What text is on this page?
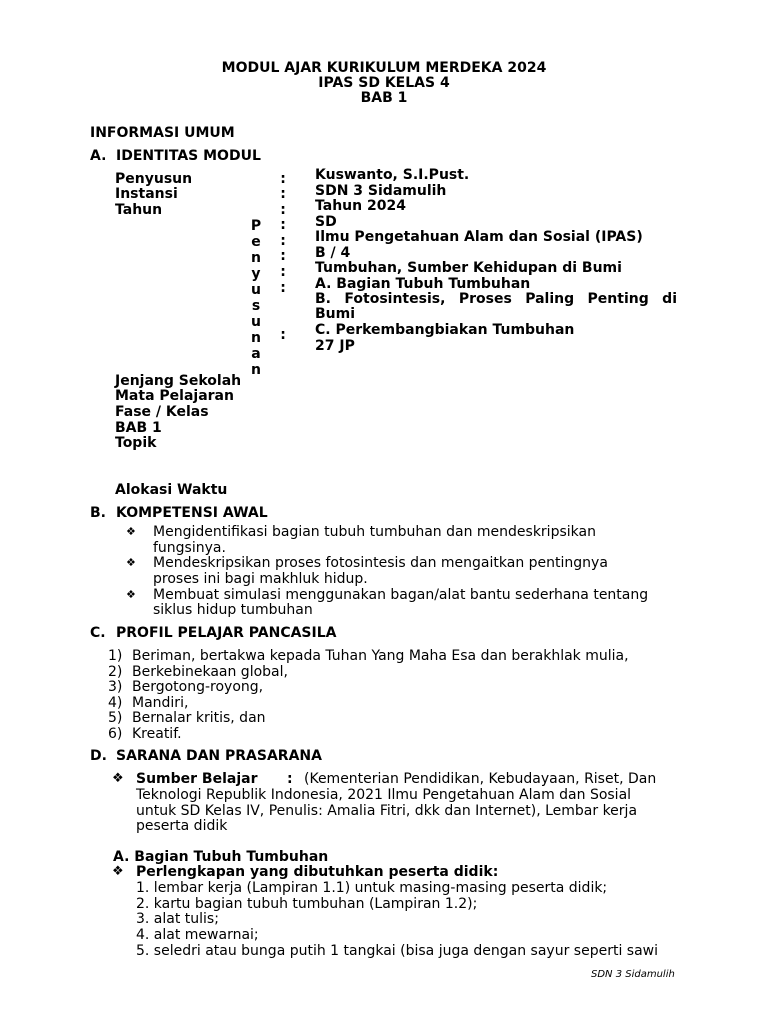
MODUL AJAR KURIKULUM MERDEKA 2024
IPAS SD KELAS 4
BAB 1
INFORMASI UMUM
A. IDENTITAS MODUL
Penyusun
Instansi
Tahun
P
e
n
y
u
s
u
n
a
n
:
:
:
:
:
:
:
:
:
Kuswanto, S.I.Pust.
SDN 3 Sidamulih
Tahun 2024
SD
Ilmu Pengetahuan Alam dan Sosial (IPAS)
B / 4
Tumbuhan, Sumber Kehidupan di Bumi
A. Bagian Tubuh Tumbuhan
B. Fotosintesis, Proses Paling Penting di
Bumi
C. Perkembangbiakan Tumbuhan
27 JP
Jenjang Sekolah
Mata Pelajaran
Fase / Kelas
BAB 1
Topik
Alokasi Waktu
B. KOMPETENSI AWAL
❖ Mengidentifikasi bagian tubuh tumbuhan dan mendeskripsikan
fungsinya.
❖ Mendeskripsikan proses fotosintesis dan mengaitkan pentingnya
proses ini bagi makhluk hidup.
❖ Membuat simulasi menggunakan bagan/alat bantu sederhana tentang
siklus hidup tumbuhan
C. PROFIL PELAJAR PANCASILA
1) Beriman, bertakwa kepada Tuhan Yang Maha Esa dan berakhlak mulia,
2) Berkebinekaan global,
3) Bergotong-royong,
4) Mandiri,
5) Bernalar kritis, dan
6) Kreatif.
D. SARANA DAN PRASARANA
❖ Sumber Belajar : (Kementerian Pendidikan, Kebudayaan, Riset, Dan
Teknologi Republik Indonesia, 2021 Ilmu Pengetahuan Alam dan Sosial
untuk SD Kelas IV, Penulis: Amalia Fitri, dkk dan Internet), Lembar kerja
peserta didik
A. Bagian Tubuh Tumbuhan
❖ Perlengkapan yang dibutuhkan peserta didik:
1. lembar kerja (Lampiran 1.1) untuk masing-masing peserta didik;
2. kartu bagian tubuh tumbuhan (Lampiran 1.2);
3. alat tulis;
4. alat mewarnai;
5. seledri atau bunga putih 1 tangkai (bisa juga dengan sayur seperti sawi
SDN 3 Sidamulih
